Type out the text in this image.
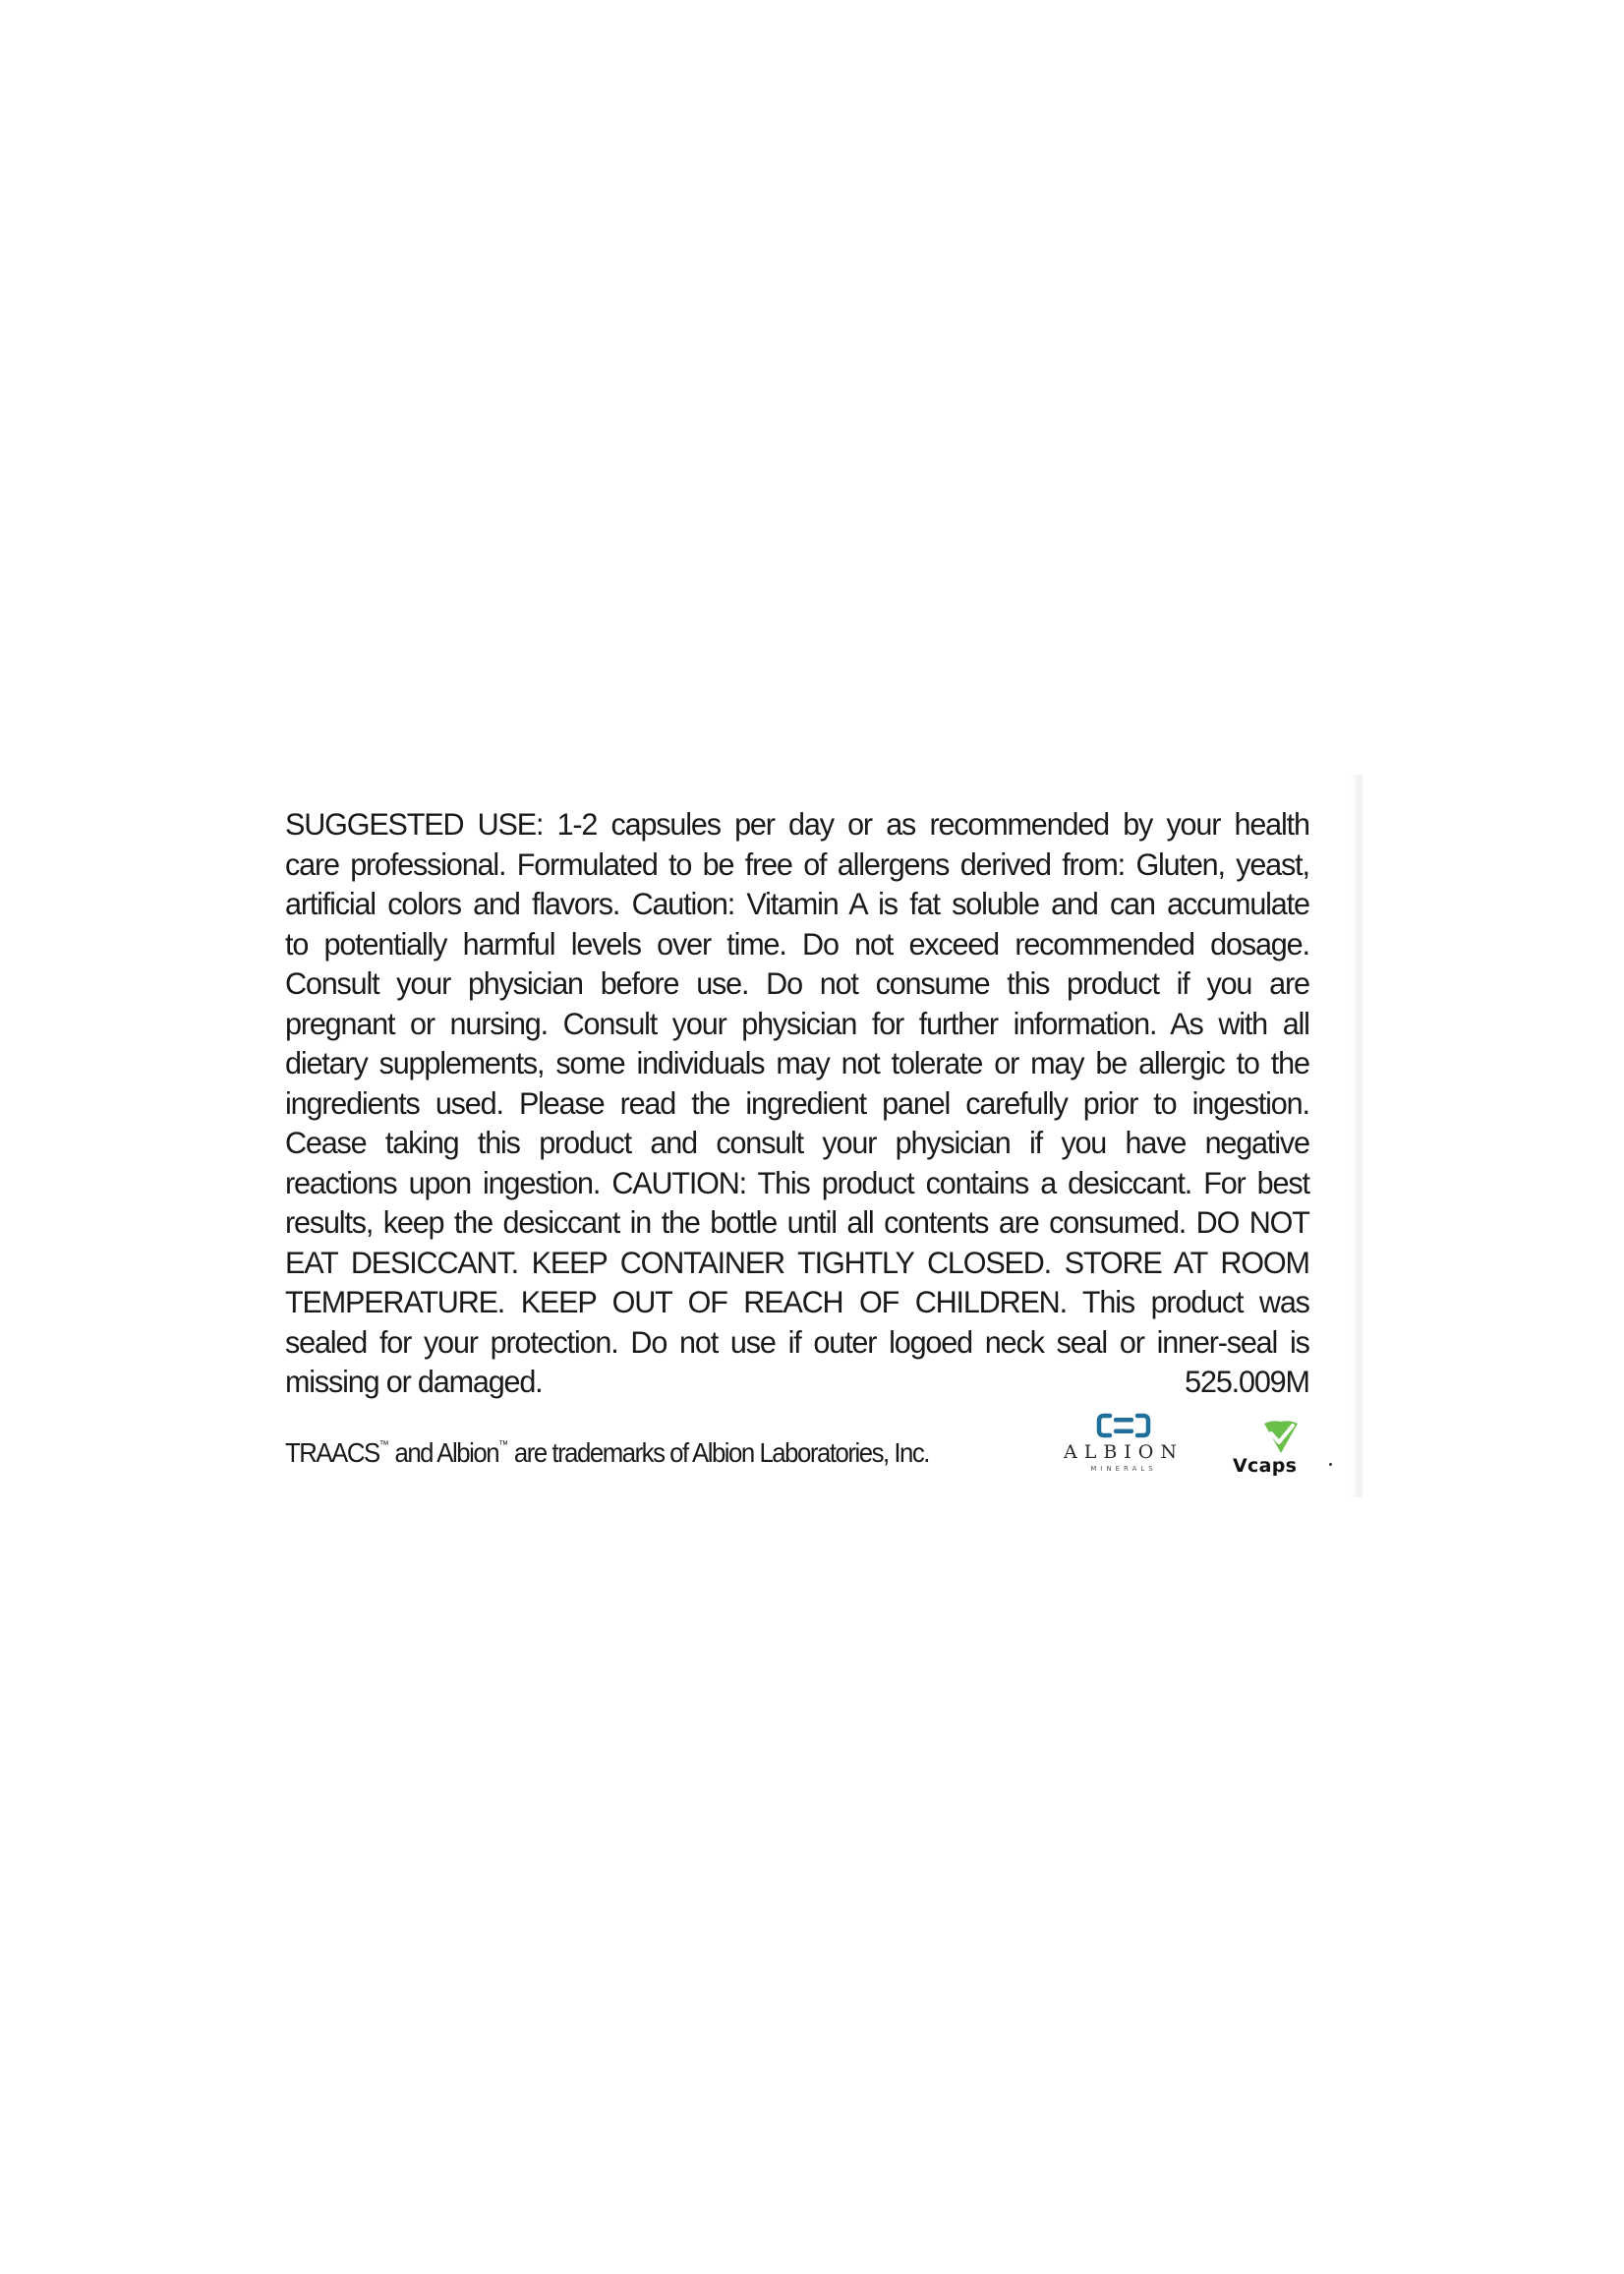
SUGGESTED USE: 1-2 capsules per day or as recommended by your health
care professional. Formulated to be free of allergens derived from: Gluten, yeast,
artificial colors and flavors. Caution: Vitamin A is fat soluble and can accumulate
to potentially harmful levels over time. Do not exceed recommended dosage.
Consult your physician before use. Do not consume this product if you are
pregnant or nursing. Consult your physician for further information. As with all
dietary supplements, some individuals may not tolerate or may be allergic to the
ingredients used. Please read the ingredient panel carefully prior to ingestion.
Cease taking this product and consult your physician if you have negative
reactions upon ingestion. CAUTION: This product contains a desiccant. For best
results, keep the desiccant in the bottle until all contents are consumed. DO NOT
EAT DESICCANT. KEEP CONTAINER TIGHTLY CLOSED. STORE AT ROOM
TEMPERATURE. KEEP OUT OF REACH OF CHILDREN. This product was
sealed for your protection. Do not use if outer logoed neck seal or inner-seal is

missing or damaged.	525.009M
TRAACS™ and Albion™ are trademarks of Albion Laboratories, Inc.	ALBION
MINERALS	Vcaps
